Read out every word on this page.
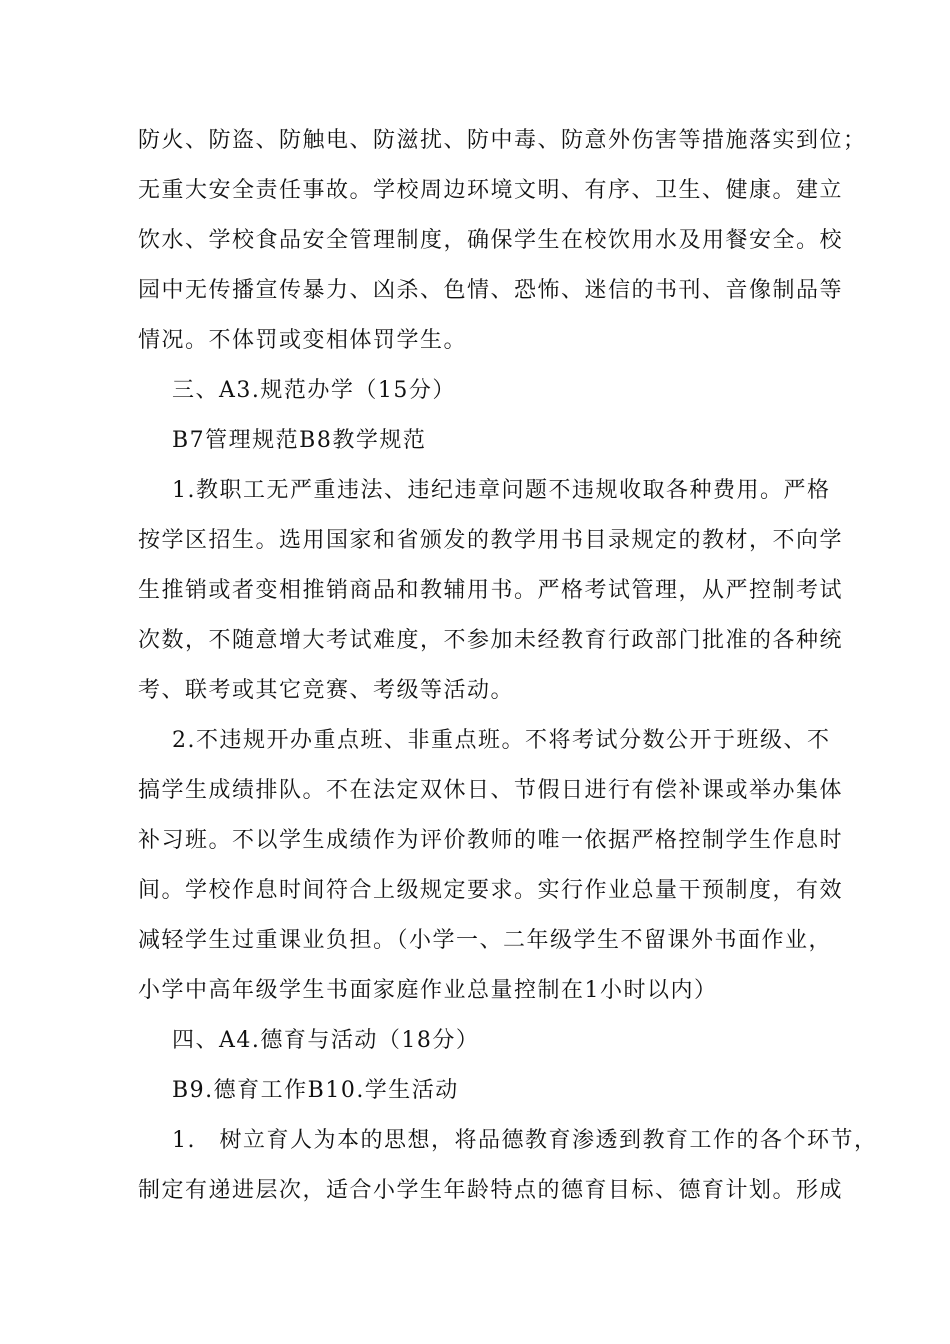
防火、防盗、防触电、防滋扰、防中毒、防意外伤害等措施落实到位；
无重大安全责任事故。学校周边环境文明、有序、卫生、健康。建立
饮水、学校食品安全管理制度，确保学生在校饮用水及用餐安全。校
园中无传播宣传暴力、凶杀、色情、恐怖、迷信的书刊、音像制品等
情况。不体罚或变相体罚学生。
三、A3.规范办学（15分）
B7管理规范B8教学规范
1.教职工无严重违法、违纪违章问题不违规收取各种费用。严格
按学区招生。选用国家和省颁发的教学用书目录规定的教材，不向学
生推销或者变相推销商品和教辅用书。严格考试管理，从严控制考试
次数，不随意增大考试难度，不参加未经教育行政部门批准的各种统
考、联考或其它竞赛、考级等活动。
2.不违规开办重点班、非重点班。不将考试分数公开于班级、不
搞学生成绩排队。不在法定双休日、节假日进行有偿补课或举办集体
补习班。不以学生成绩作为评价教师的唯一依据严格控制学生作息时
间。学校作息时间符合上级规定要求。实行作业总量干预制度，有效
减轻学生过重课业负担。（小学一、二年级学生不留课外书面作业，
小学中高年级学生书面家庭作业总量控制在1小时以内）
四、A4.德育与活动（18分）
B9.德育工作B10.学生活动
1.　树立育人为本的思想，将品德教育渗透到教育工作的各个环节，
制定有递进层次，适合小学生年龄特点的德育目标、德育计划。形成
